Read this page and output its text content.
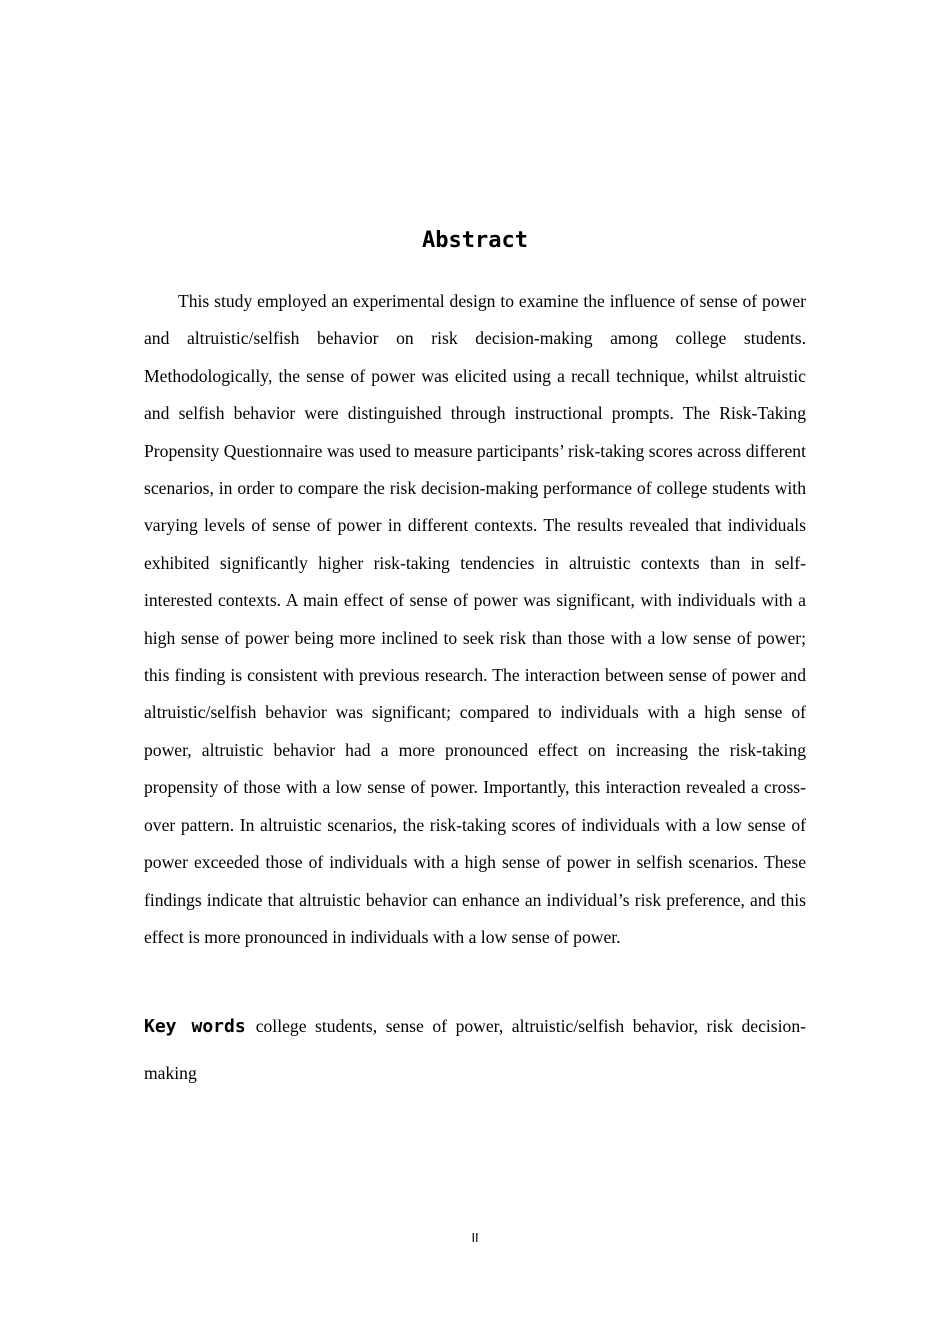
Abstract

This study employed an experimental design to examine the influence of sense of power and altruistic/selfish behavior on risk decision-making among college students. Methodologically, the sense of power was elicited using a recall technique, whilst altruistic and selfish behavior were distinguished through instructional prompts. The Risk-Taking Propensity Questionnaire was used to measure participants’ risk-taking scores across different scenarios, in order to compare the risk decision-making performance of college students with varying levels of sense of power in different contexts. The results revealed that individuals exhibited significantly higher risk-taking tendencies in altruistic contexts than in self-interested contexts. A main effect of sense of power was significant, with individuals with a high sense of power being more inclined to seek risk than those with a low sense of power; this finding is consistent with previous research. The interaction between sense of power and altruistic/selfish behavior was significant; compared to individuals with a high sense of power, altruistic behavior had a more pronounced effect on increasing the risk-taking propensity of those with a low sense of power. Importantly, this interaction revealed a cross-over pattern. In altruistic scenarios, the risk-taking scores of individuals with a low sense of power exceeded those of individuals with a high sense of power in selfish scenarios. These findings indicate that altruistic behavior can enhance an individual’s risk preference, and this effect is more pronounced in individuals with a low sense of power.

Key words college students, sense of power, altruistic/selfish behavior, risk decision-making

II
